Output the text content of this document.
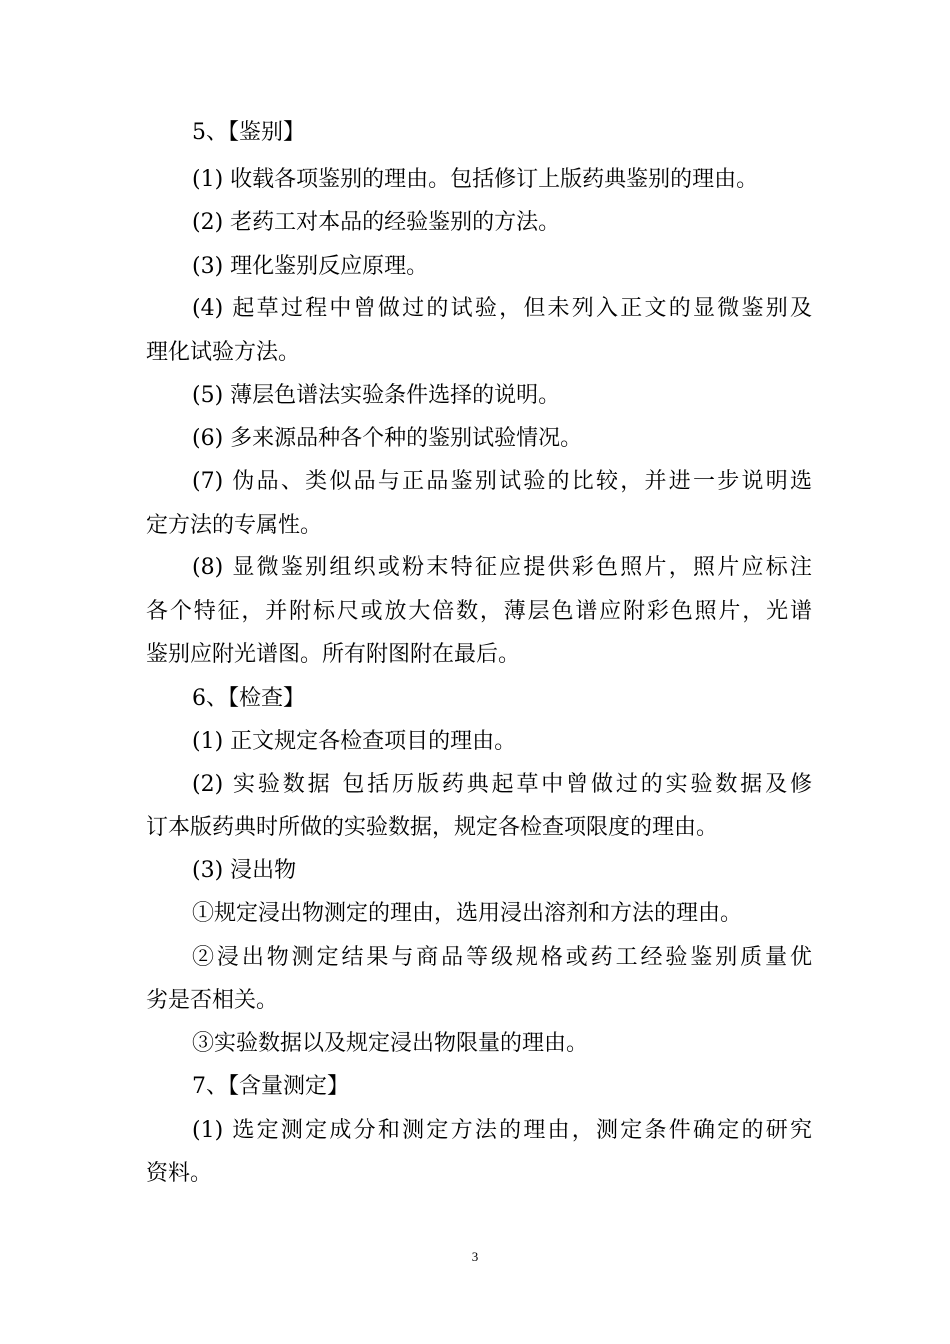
5、【鉴别】
(1) 收载各项鉴别的理由。包括修订上版药典鉴别的理由。
(2) 老药工对本品的经验鉴别的方法。
(3) 理化鉴别反应原理。
(4) 起草过程中曾做过的试验，但未列入正文的显微鉴别及
理化试验方法。
(5) 薄层色谱法实验条件选择的说明。
(6) 多来源品种各个种的鉴别试验情况。
(7) 伪品、类似品与正品鉴别试验的比较，并进一步说明选
定方法的专属性。
(8) 显微鉴别组织或粉末特征应提供彩色照片，照片应标注
各个特征，并附标尺或放大倍数，薄层色谱应附彩色照片，光谱
鉴别应附光谱图。所有附图附在最后。
6、【检查】
(1) 正文规定各检查项目的理由。
(2) 实验数据 包括历版药典起草中曾做过的实验数据及修
订本版药典时所做的实验数据，规定各检查项限度的理由。
(3) 浸出物
①规定浸出物测定的理由，选用浸出溶剂和方法的理由。
②浸出物测定结果与商品等级规格或药工经验鉴别质量优
劣是否相关。
③实验数据以及规定浸出物限量的理由。
7、【含量测定】
(1) 选定测定成分和测定方法的理由，测定条件确定的研究
资料。
3
